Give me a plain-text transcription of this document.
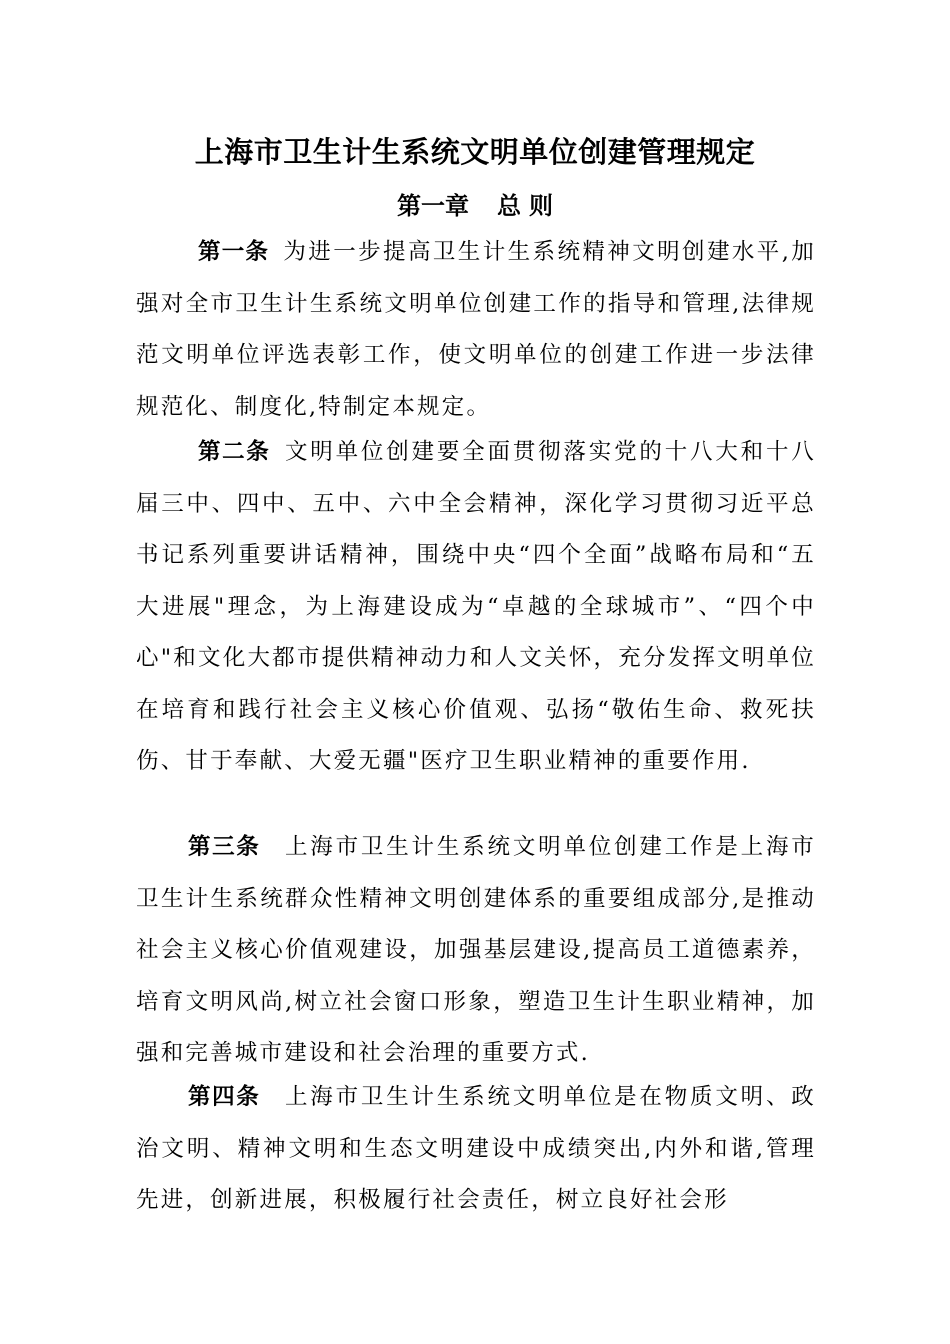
上海市卫生计生系统文明单位创建管理规定
第一章 总 则

第一条 为进一步提高卫生计生系统精神文明创建水平,加强对全市卫生计生系统文明单位创建工作的指导和管理,法律规范文明单位评选表彰工作，使文明单位的创建工作进一步法律规范化、制度化,特制定本规定。

第二条 文明单位创建要全面贯彻落实党的十八大和十八届三中、四中、五中、六中全会精神，深化学习贯彻习近平总书记系列重要讲话精神，围绕中央“四个全面”战略布局和“五大进展"理念，为上海建设成为“卓越的全球城市”、“四个中心"和文化大都市提供精神动力和人文关怀，充分发挥文明单位在培育和践行社会主义核心价值观、弘扬“敬佑生命、救死扶伤、甘于奉献、大爱无疆"医疗卫生职业精神的重要作用.

第三条 上海市卫生计生系统文明单位创建工作是上海市卫生计生系统群众性精神文明创建体系的重要组成部分,是推动社会主义核心价值观建设，加强基层建设,提高员工道德素养，培育文明风尚,树立社会窗口形象，塑造卫生计生职业精神，加强和完善城市建设和社会治理的重要方式.

第四条 上海市卫生计生系统文明单位是在物质文明、政治文明、精神文明和生态文明建设中成绩突出,内外和谐,管理先进，创新进展，积极履行社会责任，树立良好社会形
